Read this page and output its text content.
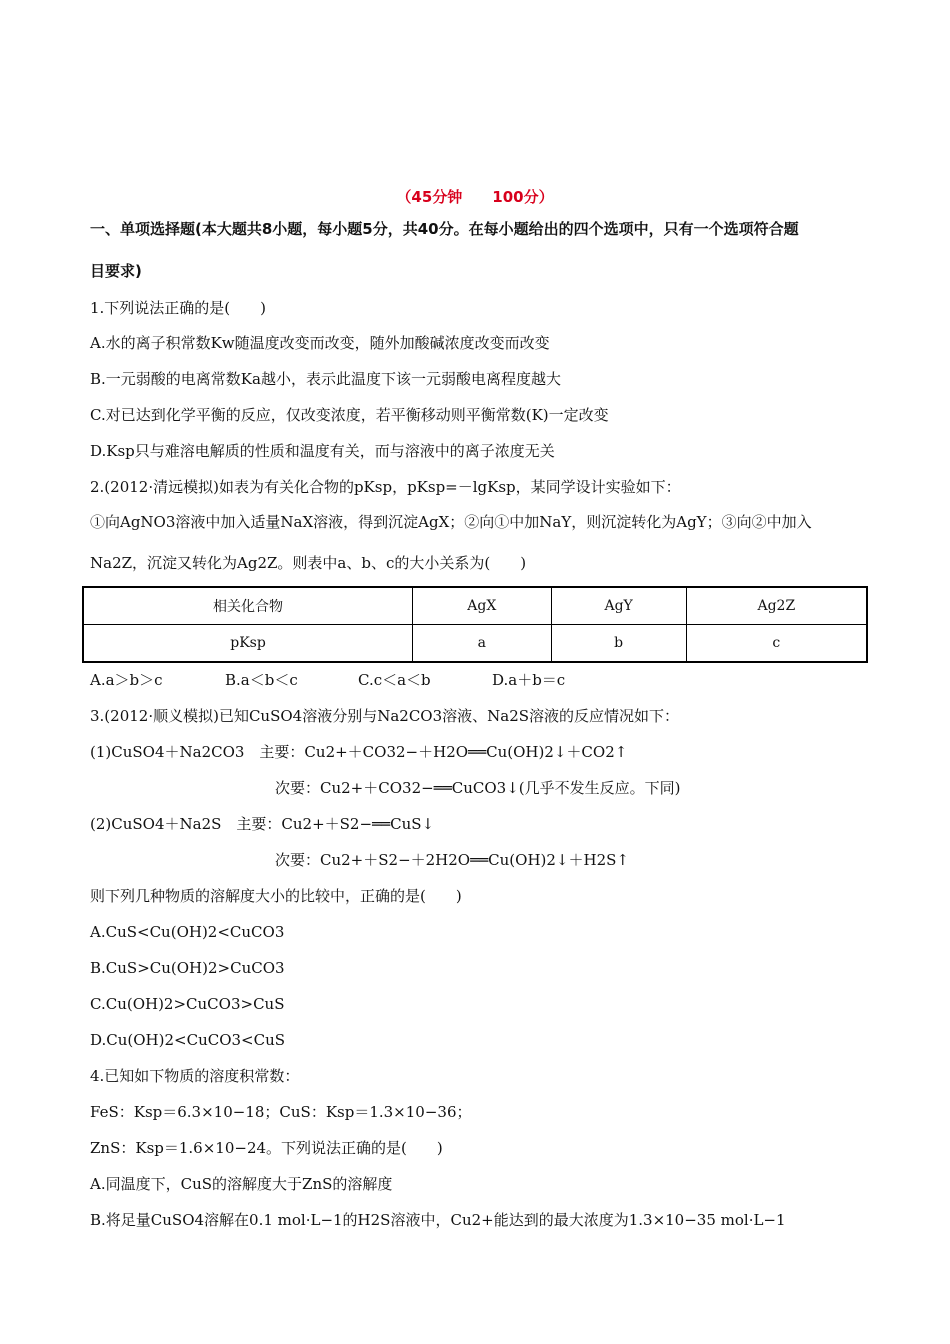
（45分钟　　100分）
一、单项选择题(本大题共8小题，每小题5分，共40分。在每小题给出的四个选项中，只有一个选项符合题
目要求)
1.下列说法正确的是(　　)
A.水的离子积常数Kw随温度改变而改变，随外加酸碱浓度改变而改变
B.一元弱酸的电离常数Ka越小，表示此温度下该一元弱酸电离程度越大
C.对已达到化学平衡的反应，仅改变浓度，若平衡移动则平衡常数(K)一定改变
D.Ksp只与难溶电解质的性质和温度有关，而与溶液中的离子浓度无关
2.(2012·清远模拟)如表为有关化合物的pKsp，pKsp=－lgKsp，某同学设计实验如下：
①向AgNO3溶液中加入适量NaX溶液，得到沉淀AgX；②向①中加NaY，则沉淀转化为AgY；③向②中加入
Na2Z，沉淀又转化为Ag2Z。则表中a、b、c的大小关系为(　　)
相关化合物	AgX	AgY	Ag2Z
pKsp	a	b	c
A.a＞b＞c	B.a＜b＜c	C.c＜a＜b	D.a＋b＝c
3.(2012·顺义模拟)已知CuSO4溶液分别与Na2CO3溶液、Na2S溶液的反应情况如下：
(1)CuSO4＋Na2CO3　主要：Cu2+＋CO32−＋H2O══Cu(OH)2↓＋CO2↑
次要：Cu2+＋CO32−══CuCO3↓(几乎不发生反应。下同)
(2)CuSO4＋Na2S　主要：Cu2+＋S2−══CuS↓
次要：Cu2+＋S2−＋2H2O══Cu(OH)2↓＋H2S↑
则下列几种物质的溶解度大小的比较中，正确的是(　　)
A.CuS<Cu(OH)2<CuCO3
B.CuS>Cu(OH)2>CuCO3
C.Cu(OH)2>CuCO3>CuS
D.Cu(OH)2<CuCO3<CuS
4.已知如下物质的溶度积常数：
FeS：Ksp＝6.3×10−18；CuS：Ksp＝1.3×10−36；
ZnS：Ksp＝1.6×10−24。下列说法正确的是(　　)
A.同温度下，CuS的溶解度大于ZnS的溶解度
B.将足量CuSO4溶解在0.1 mol·L−1的H2S溶液中，Cu2+能达到的最大浓度为1.3×10−35 mol·L−1
